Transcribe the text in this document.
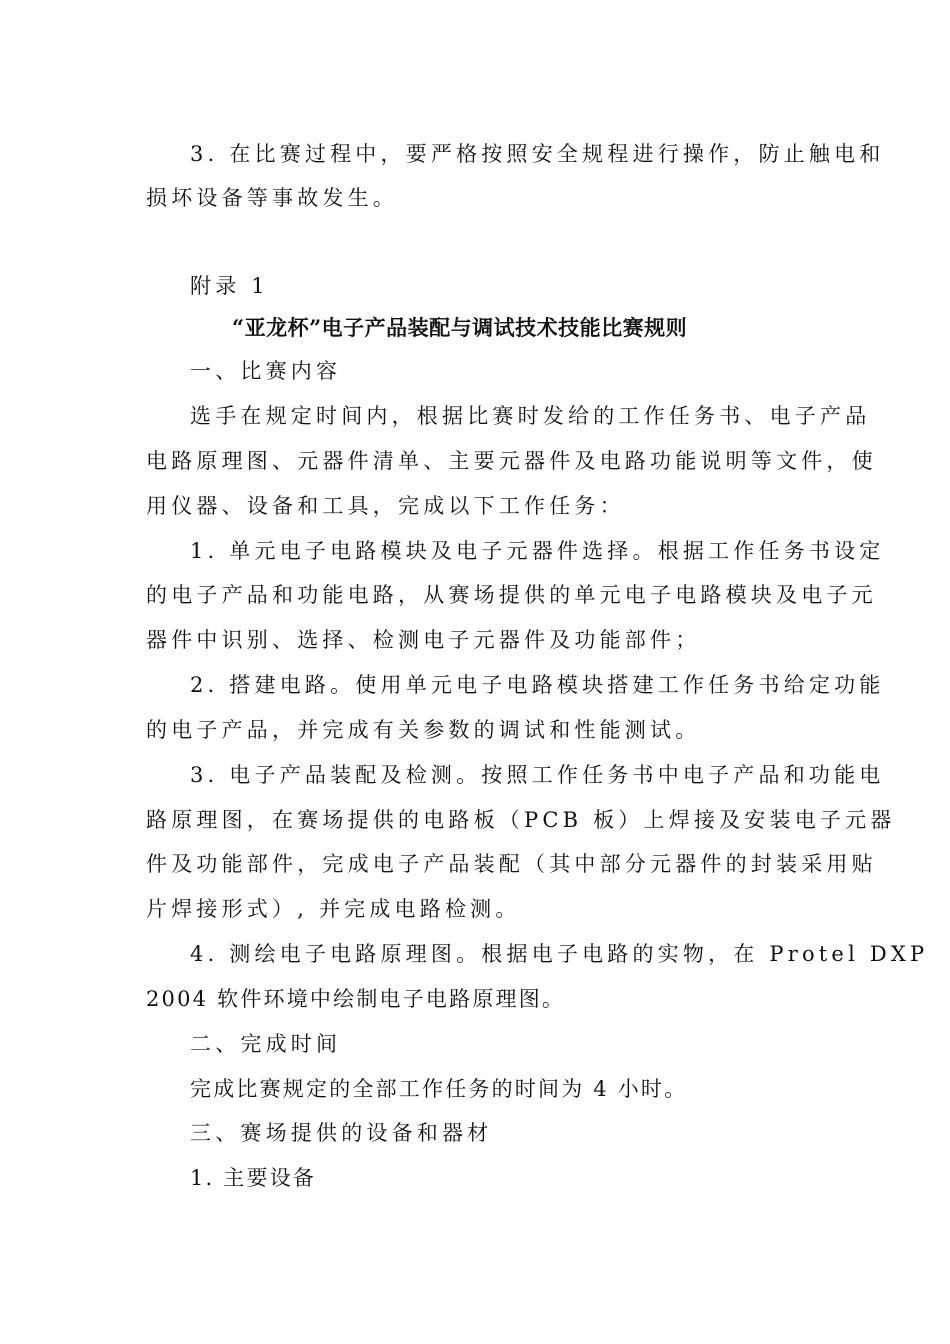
3. 在比赛过程中，要严格按照安全规程进行操作，防止触电和
损坏设备等事故发生。
附录 1
“亚龙杯”电子产品装配与调试技术技能比赛规则
一、比赛内容
选手在规定时间内，根据比赛时发给的工作任务书、电子产品
电路原理图、元器件清单、主要元器件及电路功能说明等文件，使
用仪器、设备和工具，完成以下工作任务：
1. 单元电子电路模块及电子元器件选择。根据工作任务书设定
的电子产品和功能电路，从赛场提供的单元电子电路模块及电子元
器件中识别、选择、检测电子元器件及功能部件；
2. 搭建电路。使用单元电子电路模块搭建工作任务书给定功能
的电子产品，并完成有关参数的调试和性能测试。
3. 电子产品装配及检测。按照工作任务书中电子产品和功能电
路原理图，在赛场提供的电路板（PCB 板）上焊接及安装电子元器
件及功能部件，完成电子产品装配（其中部分元器件的封装采用贴
片焊接形式）, 并完成电路检测。
4. 测绘电子电路原理图。根据电子电路的实物，在 Protel DXP
2004 软件环境中绘制电子电路原理图。
二、完成时间
完成比赛规定的全部工作任务的时间为 4 小时。
三、赛场提供的设备和器材
1. 主要设备
